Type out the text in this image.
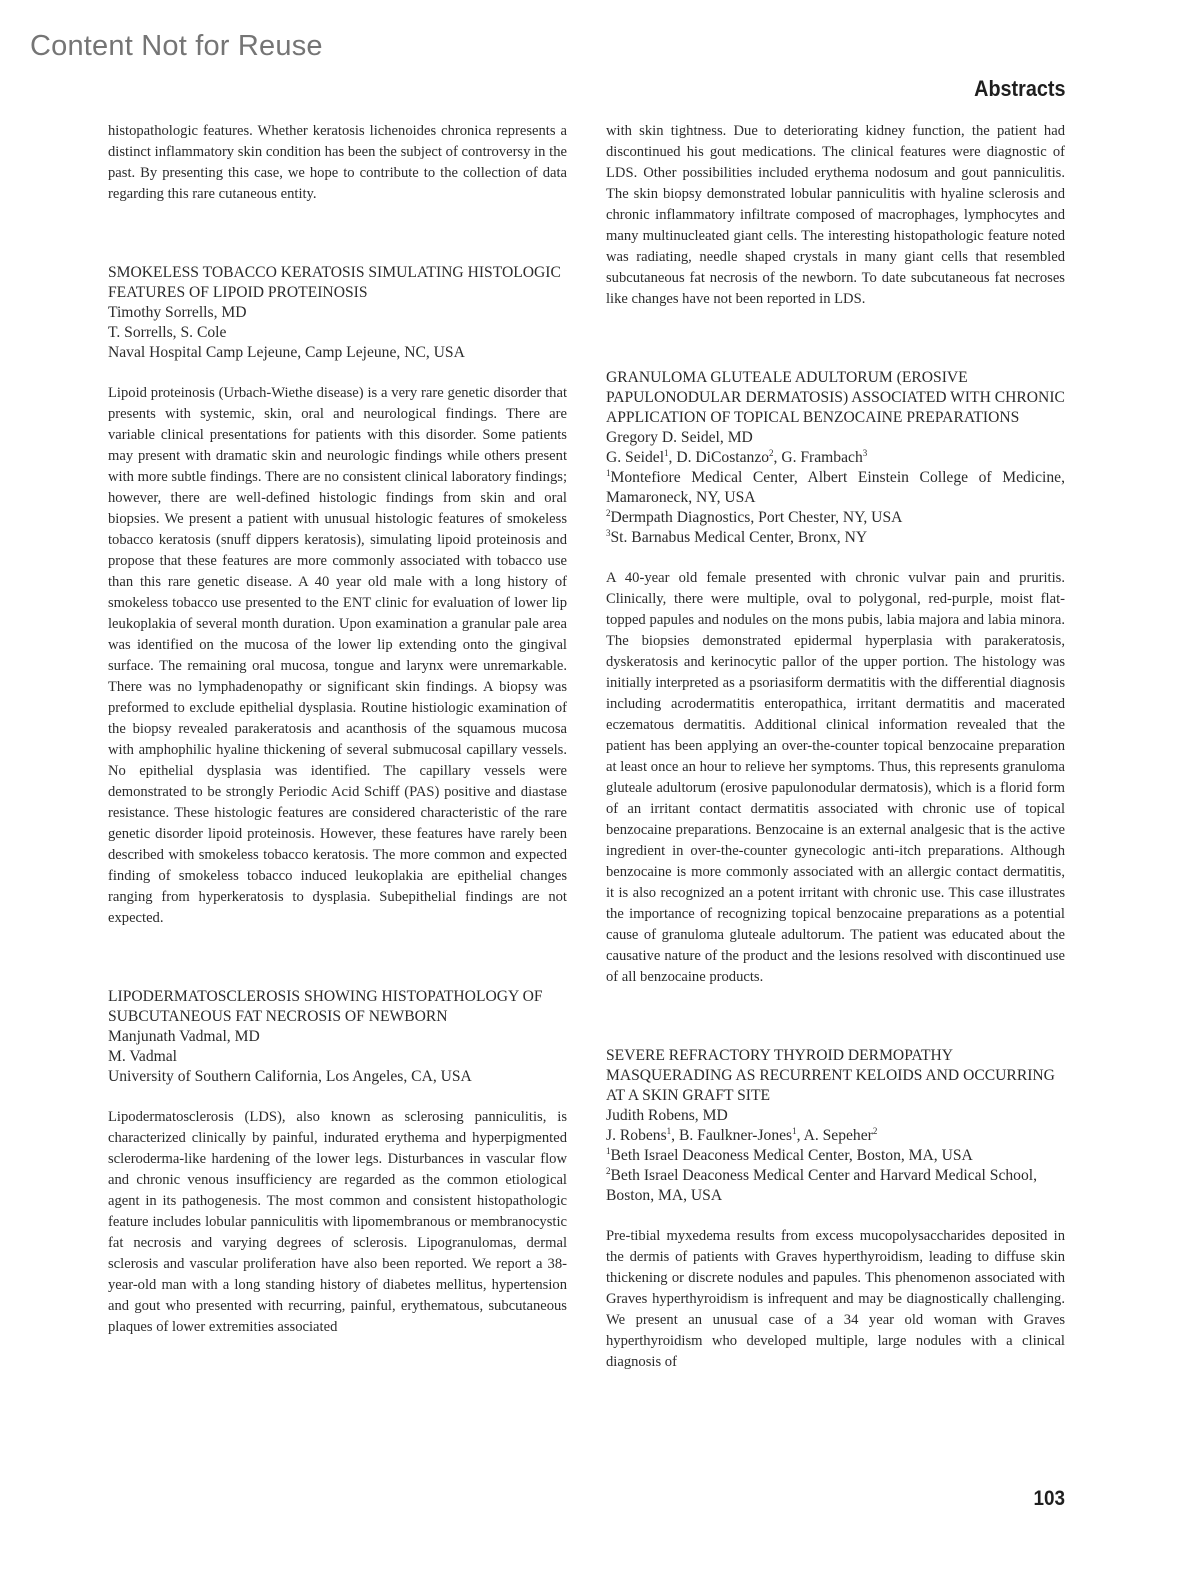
Content Not for Reuse
Abstracts

histopathologic features. Whether keratosis lichenoides chronica represents a distinct inflammatory skin condition has been the subject of controversy in the past. By presenting this case, we hope to contribute to the collection of data regarding this rare cutaneous entity.

SMOKELESS TOBACCO KERATOSIS SIMULATING HISTOLOGIC FEATURES OF LIPOID PROTEINOSIS

Timothy Sorrells, MD
T. Sorrells, S. Cole
Naval Hospital Camp Lejeune, Camp Lejeune, NC, USA

Lipoid proteinosis (Urbach-Wiethe disease) is a very rare genetic disorder that presents with systemic, skin, oral and neurological findings. There are variable clinical presentations for patients with this disorder. Some patients may present with dramatic skin and neurologic findings while others present with more subtle findings. There are no consistent clinical laboratory findings; however, there are well-defined histologic findings from skin and oral biopsies. We present a patient with unusual histologic features of smokeless tobacco keratosis (snuff dippers keratosis), simulating lipoid proteinosis and propose that these features are more commonly associated with tobacco use than this rare genetic disease. A 40 year old male with a long history of smokeless tobacco use presented to the ENT clinic for evaluation of lower lip leukoplakia of several month duration. Upon examination a granular pale area was identified on the mucosa of the lower lip extending onto the gingival surface. The remaining oral mucosa, tongue and larynx were unremarkable. There was no lymphadenopathy or significant skin findings. A biopsy was preformed to exclude epithelial dysplasia. Routine histiologic examination of the biopsy revealed parakeratosis and acanthosis of the squamous mucosa with amphophilic hyaline thickening of several submucosal capillary vessels. No epithelial dysplasia was identified. The capillary vessels were demonstrated to be strongly Periodic Acid Schiff (PAS) positive and diastase resistance. These histologic features are considered characteristic of the rare genetic disorder lipoid proteinosis. However, these features have rarely been described with smokeless tobacco keratosis. The more common and expected finding of smokeless tobacco induced leukoplakia are epithelial changes ranging from hyperkeratosis to dysplasia. Subepithelial findings are not expected.

LIPODERMATOSCLEROSIS SHOWING HISTOPATHOLOGY OF SUBCUTANEOUS FAT NECROSIS OF NEWBORN

Manjunath Vadmal, MD
M. Vadmal
University of Southern California, Los Angeles, CA, USA

Lipodermatosclerosis (LDS), also known as sclerosing panniculitis, is characterized clinically by painful, indurated erythema and hyperpigmented scleroderma-like hardening of the lower legs. Disturbances in vascular flow and chronic venous insufficiency are regarded as the common etiological agent in its pathogenesis. The most common and consistent histopathologic feature includes lobular panniculitis with lipomembranous or membranocystic fat necrosis and varying degrees of sclerosis. Lipogranulomas, dermal sclerosis and vascular proliferation have also been reported. We report a 38-year-old man with a long standing history of diabetes mellitus, hypertension and gout who presented with recurring, painful, erythematous, subcutaneous plaques of lower extremities associated

with skin tightness. Due to deteriorating kidney function, the patient had discontinued his gout medications. The clinical features were diagnostic of LDS. Other possibilities included erythema nodosum and gout panniculitis. The skin biopsy demonstrated lobular panniculitis with hyaline sclerosis and chronic inflammatory infiltrate composed of macrophages, lymphocytes and many multinucleated giant cells. The interesting histopathologic feature noted was radiating, needle shaped crystals in many giant cells that resembled subcutaneous fat necrosis of the newborn. To date subcutaneous fat necroses like changes have not been reported in LDS.

GRANULOMA GLUTEALE ADULTORUM (EROSIVE PAPULONODULAR DERMATOSIS) ASSOCIATED WITH CHRONIC APPLICATION OF TOPICAL BENZOCAINE PREPARATIONS

Gregory D. Seidel, MD
G. Seidel$^1$, D. DiCostanzo$^2$, G. Frambach$^3$
$^1$Montefiore Medical Center, Albert Einstein College of Medicine, Mamaroneck, NY, USA
$^2$Dermpath Diagnostics, Port Chester, NY, USA
$^3$St. Barnabus Medical Center, Bronx, NY

A 40-year old female presented with chronic vulvar pain and pruritis. Clinically, there were multiple, oval to polygonal, red-purple, moist flat-topped papules and nodules on the mons pubis, labia majora and labia minora. The biopsies demonstrated epidermal hyperplasia with parakeratosis, dyskeratosis and kerinocytic pallor of the upper portion. The histology was initially interpreted as a psoriasiform dermatitis with the differential diagnosis including acrodermatitis enteropathica, irritant dermatitis and macerated eczematous dermatitis. Additional clinical information revealed that the patient has been applying an over-the-counter topical benzocaine preparation at least once an hour to relieve her symptoms. Thus, this represents granuloma gluteale adultorum (erosive papulonodular dermatosis), which is a florid form of an irritant contact dermatitis associated with chronic use of topical benzocaine preparations. Benzocaine is an external analgesic that is the active ingredient in over-the-counter gynecologic anti-itch preparations. Although benzocaine is more commonly associated with an allergic contact dermatitis, it is also recognized an a potent irritant with chronic use. This case illustrates the importance of recognizing topical benzocaine preparations as a potential cause of granuloma gluteale adultorum. The patient was educated about the causative nature of the product and the lesions resolved with discontinued use of all benzocaine products.

SEVERE REFRACTORY THYROID DERMOPATHY MASQUERADING AS RECURRENT KELOIDS AND OCCURRING AT A SKIN GRAFT SITE

Judith Robens, MD
J. Robens$^1$, B. Faulkner-Jones$^1$, A. Sepeher$^2$
$^1$Beth Israel Deaconess Medical Center, Boston, MA, USA
$^2$Beth Israel Deaconess Medical Center and Harvard Medical School, Boston, MA, USA

Pre-tibial myxedema results from excess mucopolysaccharides deposited in the dermis of patients with Graves hyperthyroidism, leading to diffuse skin thickening or discrete nodules and papules. This phenomenon associated with Graves hyperthyroidism is infrequent and may be diagnostically challenging. We present an unusual case of a 34 year old woman with Graves hyperthyroidism who developed multiple, large nodules with a clinical diagnosis of

103
